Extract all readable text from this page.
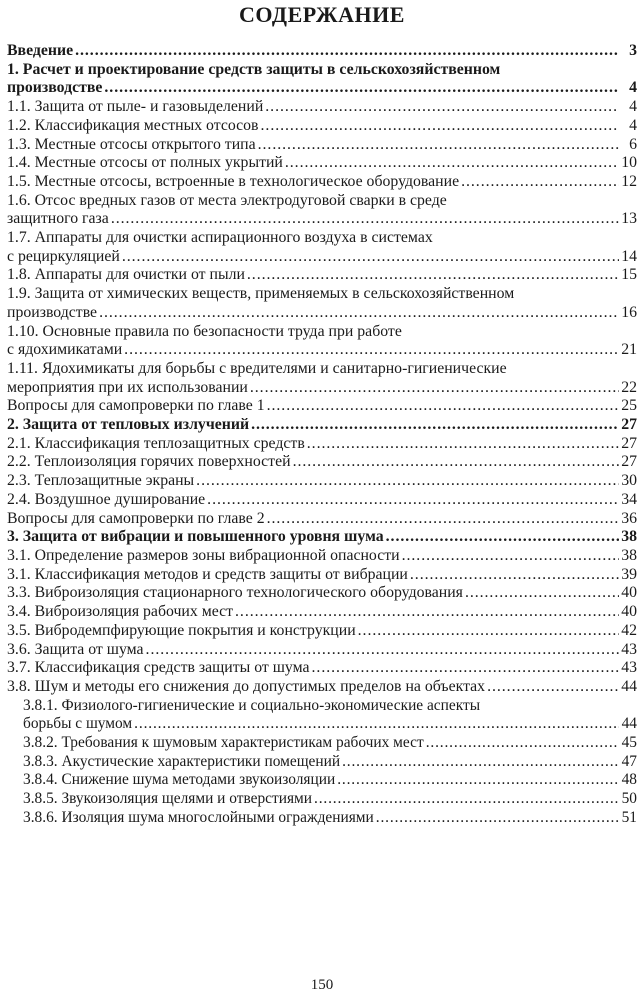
СОДЕРЖАНИЕ
Введение . . .	3
1. Расчет и проектирование средств защиты в сельскохозяйственном
производстве . . .	4
1.1. Защита от пыле- и газовыделений . . .	4
1.2. Классификация местных отсосов . . .	4
1.3. Местные отсосы открытого типа . . .	6
1.4. Местные отсосы от полных укрытий . . .	10
1.5. Местные отсосы, встроенные в технологическое оборудование . . .	12
1.6. Отсос вредных газов от места электродуговой сварки в среде
защитного газа . . .	13
1.7. Аппараты для очистки аспирационного воздуха в системах
с рециркуляцией . . .	14
1.8. Аппараты для очистки от пыли . . .	15
1.9. Защита от химических веществ, применяемых в сельскохозяйственном
производстве . . .	16
1.10. Основные правила по безопасности труда при работе
с ядохимикатами . . .	21
1.11. Ядохимикаты для борьбы с вредителями и санитарно-гигиенические
мероприятия при их использовании . . .	22
Вопросы для самопроверки по главе 1 . . .	25
2. Защита от тепловых излучений . . .	27
2.1. Классификация теплозащитных средств . . .	27
2.2. Теплоизоляция горячих поверхностей . . .	27
2.3. Теплозащитные экраны . . .	30
2.4. Воздушное душирование . . .	34
Вопросы для самопроверки по главе 2 . . .	36
3. Защита от вибрации и повышенного уровня шума . . .	38
3.1. Определение размеров зоны вибрационной опасности . . .	38
3.1. Классификация методов и средств защиты от вибрации . . .	39
3.3. Виброизоляция стационарного технологического оборудования . . .	40
3.4. Виброизоляция рабочих мест . . .	40
3.5. Вибродемпфирующие покрытия и конструкции . . .	42
3.6. Защита от шума . . .	43
3.7. Классификация средств защиты от шума . . .	43
3.8. Шум и методы его снижения до допустимых пределов на объектах . . .	44
3.8.1. Физиолого-гигиенические и социально-экономические аспекты
борьбы с шумом . . .	44
3.8.2. Требования к шумовым характеристикам рабочих мест . . .	45
3.8.3. Акустические характеристики помещений . . .	47
3.8.4. Снижение шума методами звукоизоляции . . .	48
3.8.5. Звукоизоляция щелями и отверстиями . . .	50
3.8.6. Изоляция шума многослойными ограждениями . . .	51
150
